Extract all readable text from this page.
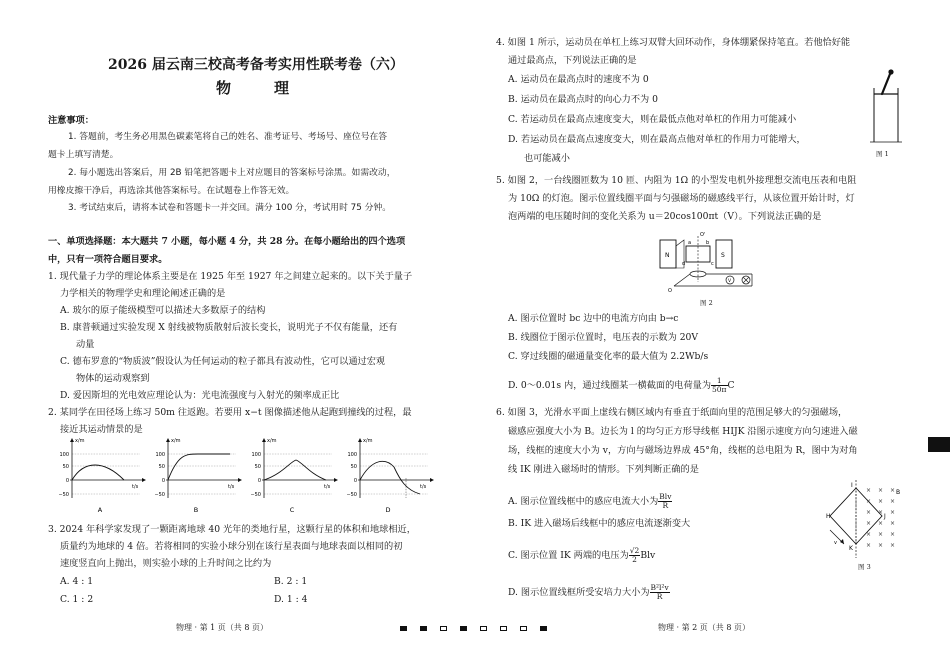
2026 届云南三校高考备考实用性联考卷（六）
物　理
注意事项：
1. 答题前，考生务必用黑色碳素笔将自己的姓名、准考证号、考场号、座位号在答
题卡上填写清楚。
2. 每小题选出答案后，用 2B 铅笔把答题卡上对应题目的答案标号涂黑。如需改动，
用橡皮擦干净后，再选涂其他答案标号。在试题卷上作答无效。
3. 考试结束后，请将本试卷和答题卡一并交回。满分 100 分，考试用时 75 分钟。
一、单项选择题：本大题共 7 小题，每小题 4 分，共 28 分。在每小题给出的四个选项
中，只有一项符合题目要求。
1. 现代量子力学的理论体系主要是在 1925 年至 1927 年之间建立起来的。以下关于量子
力学相关的物理学史和理论阐述正确的是
A. 玻尔的原子能级模型可以描述大多数原子的结构
B. 康普顿通过实验发现 X 射线被物质散射后波长变长，说明光子不仅有能量，还有
动量
C. 德布罗意的“物质波”假设认为任何运动的粒子都具有波动性，它可以通过宏观
物体的运动观察到
D. 爱因斯坦的光电效应理论认为：光电流强度与入射光的频率成正比
2. 某同学在田径场上练习 50m 往返跑。若要用 x−t 图像描述他从起跑到撞线的过程，最
接近其运动情景的是
x/m
t/s
100
50
0
−50
A
x/m
t/s
100
50
0
−50
B
x/m
t/s
100
50
0
−50
C
x/m
t/s
100
50
0
−50
D
3. 2024 年科学家发现了一颗距离地球 40 光年的类地行星，这颗行星的体积和地球相近，
质量约为地球的 4 倍。若将相同的实验小球分别在该行星表面与地球表面以相同的初
速度竖直向上抛出，则实验小球的上升时间之比约为
A. 4 : 1	B. 2 : 1
C. 1 : 2	D. 1 : 4
物理 · 第 1 页（共 8 页）
4. 如图 1 所示，运动员在单杠上练习双臂大回环动作，身体绷紧保持笔直。若他恰好能
通过最高点，下列说法正确的是
A. 运动员在最高点时的速度不为 0
B. 运动员在最高点时的向心力不为 0
C. 若运动员在最高点速度变大，则在最低点他对单杠的作用力可能减小
D. 若运动员在最高点速度变大，则在最高点他对单杠的作用力可能增大，
也可能减小	图 1
5. 如图 2，一台线圈匝数为 10 匝、内阻为 1Ω 的小型发电机外接理想交流电压表和电阻
为 10Ω 的灯泡。图示位置线圈平面与匀强磁场的磁感线平行，从该位置开始计时，灯
泡两端的电压随时间的变化关系为 u＝20cos100πt（V）。下列说法正确的是
N	S
a	b
c
d
O
O'
V
图 2
A. 图示位置时 bc 边中的电流方向由 b→c
B. 线圈位于图示位置时，电压表的示数为 20V
C. 穿过线圈的磁通量变化率的最大值为 2.2Wb/s
D. 0～0.01s 内，通过线圈某一横截面的电荷量为 $\frac{1}{50\pi}$ C
6. 如图 3，光滑水平面上虚线右侧区域内有垂直于纸面向里的范围足够大的匀强磁场，
磁感应强度大小为 B。边长为 l 的均匀正方形导线框 HIJK 沿图示速度方向匀速进入磁
场，线框的速度大小为 v，方向与磁场边界成 45°角，线框的总电阻为 R，图中为对角
线 IK 刚进入磁场时的情形。下列判断正确的是
A. 图示位置线框中的感应电流大小为 $\frac{\text{Blv}}{R}$
B. IK 进入磁场后线框中的感应电流逐渐变大
C. 图示位置 IK 两端的电压为 $\frac{√2}{2}$ Blv
D. 图示位置线框所受安培力大小为 $\frac{\text{B²l²v}}{R}$
H
I
J
K
B
v
× × ×
× × ×
× × ×
× × ×
× × ×
× × ×
图 3
物理 · 第 2 页（共 8 页）
